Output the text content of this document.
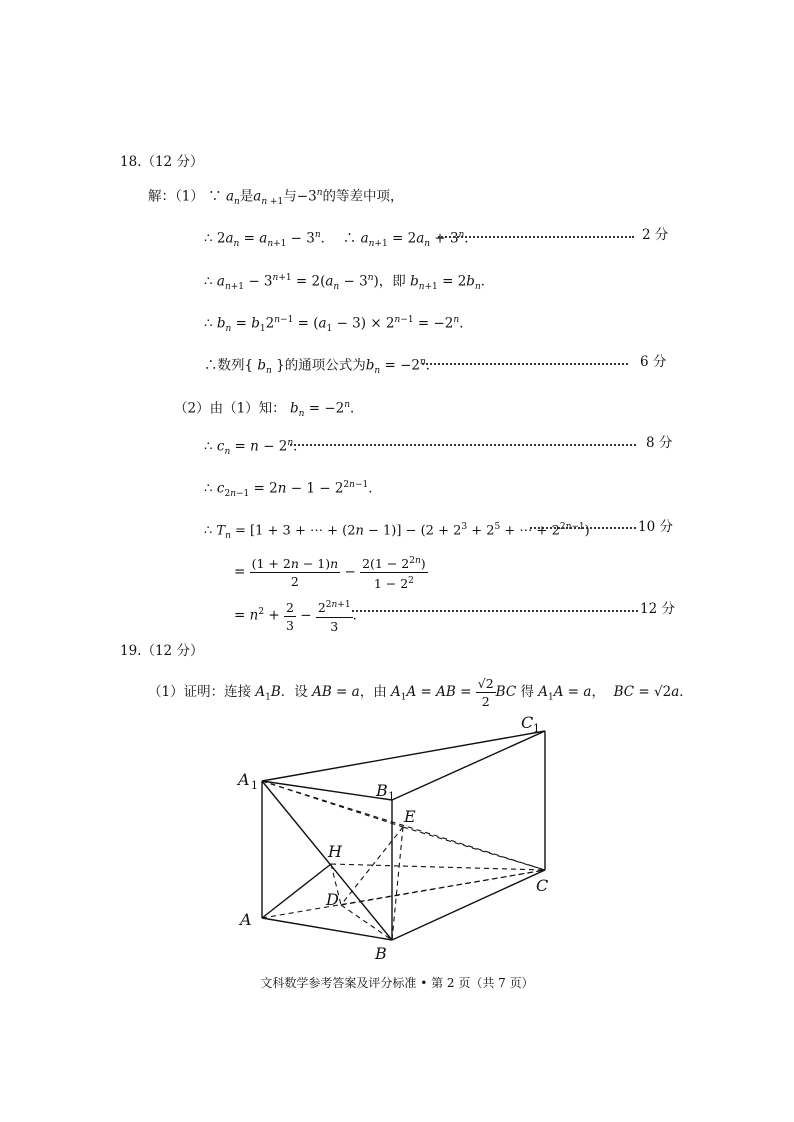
18.（12 分）
解：（1） ∵ $a_n$是$a_{n +1}$与$-3^n$的等差中项，
∴ $2a_n = a_{n+1} - 3^n$．  ∴ $a_{n+1} = 2a_n + 3^n$．	2 分
∴ $a_{n+1} - 3^{n+1} = 2(a_n - 3^n)$，即 $b_{n+1} = 2b_n$．
∴ $b_n = b_12^{n-1} = (a_1 - 3) \times 2^{n-1} = -2^n$．
∴数列{ $b_n$ }的通项公式为$b_n = -2^n$．	6 分
（2）由（1）知： $b_n = -2^n$．
∴ $c_n = n - 2^n$．	8 分
∴ $c_{2n-1} = 2n - 1 - 2^{2n-1}$．
∴ $T_n = [1 + 3$ + ⋯ + $(2n - 1)] - (2 + 2^3 + 2^5$ + ⋯ + $2^{2n-1}$)	10 分
= $\frac{(1 + 2n - 1)n}{2} - \frac{2(1 - 2^{2n})}{1 - 2^2}$
= $n^2 + \frac{2}{3} - \frac{2^{2n+1}}{3}$ ．	12 分
19.（12 分）
（1）证明：连接 $A_1B$．设 AB = a，由 $A_1A$ = AB = $\frac{√2}{2}$ BC 得 $A_1A = a$， BC = √2a．
A 1	B 1
C 1
E
H
D
A
B
C
文科数学参考答案及评分标准 • 第 2 页（共 7 页）
